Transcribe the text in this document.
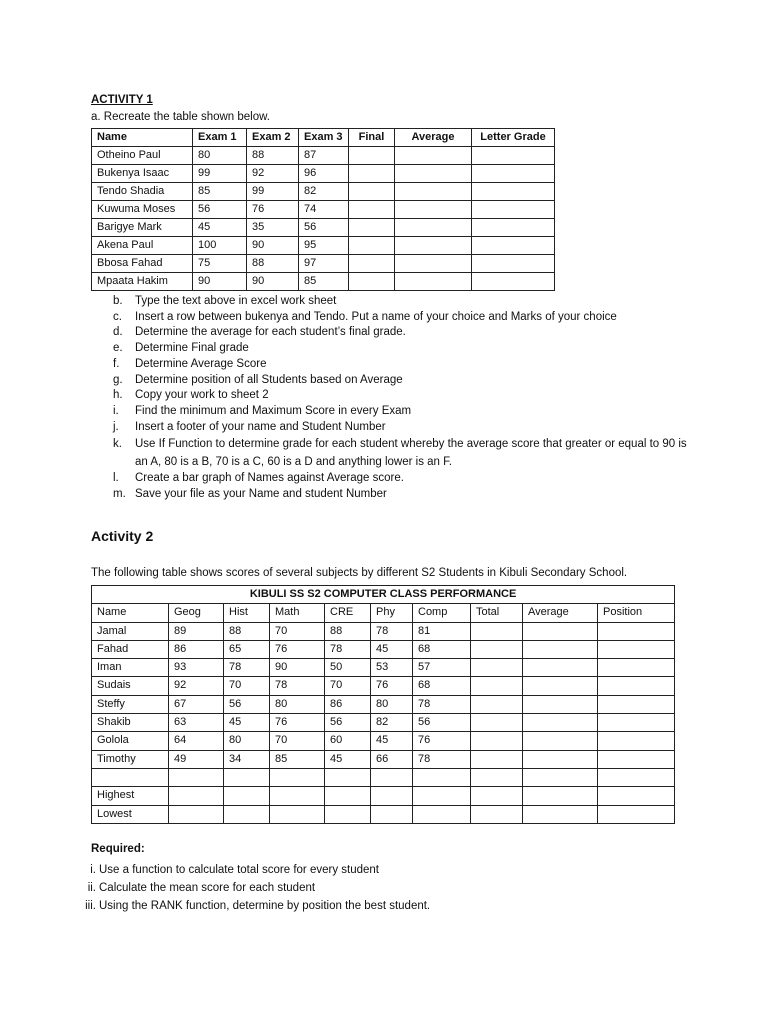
ACTIVITY 1
a. Recreate the table shown below.
Name	Exam 1	Exam 2	Exam 3	Final	Average	Letter Grade
Otheino Paul	80	88	87			
Bukenya Isaac	99	92	96			
Tendo Shadia	85	99	82			
Kuwuma Moses	56	76	74			
Barigye Mark	45	35	56			
Akena Paul	100	90	95			
Bbosa Fahad	75	88	97			
Mpaata Hakim	90	90	85			
b. Type the text above in excel work sheet
c. Insert a row between bukenya and Tendo. Put a name of your choice and Marks of your choice
d. Determine the average for each student’s final grade.
e. Determine Final grade
f. Determine Average Score
g. Determine position of all Students based on Average
h. Copy your work to sheet 2
i. Find the minimum and Maximum Score in every Exam
j. Insert a footer of your name and Student Number
k. Use If Function to determine grade for each student whereby the average score that greater or equal to 90 is an A, 80 is a B, 70 is a C, 60 is a D and anything lower is an F.
l. Create a bar graph of Names against Average score.
m. Save your file as your Name and student Number
Activity 2
The following table shows scores of several subjects by different S2 Students in Kibuli Secondary School.
KIBULI SS S2 COMPUTER CLASS PERFORMANCE									
Name	Geog	Hist	Math	CRE	Phy	Comp	Total	Average	Position
Jamal	89	88	70	88	78	81			
Fahad	86	65	76	78	45	68			
Iman	93	78	90	50	53	57			
Sudais	92	70	78	70	76	68			
Steffy	67	56	80	86	80	78			
Shakib	63	45	76	56	82	56			
Golola	64	80	70	60	45	76			
Timothy	49	34	85	45	66	78			

Highest									
Lowest									
Required:
i. Use a function to calculate total score for every student
ii. Calculate the mean score for each student
iii. Using the RANK function, determine by position the best student.
